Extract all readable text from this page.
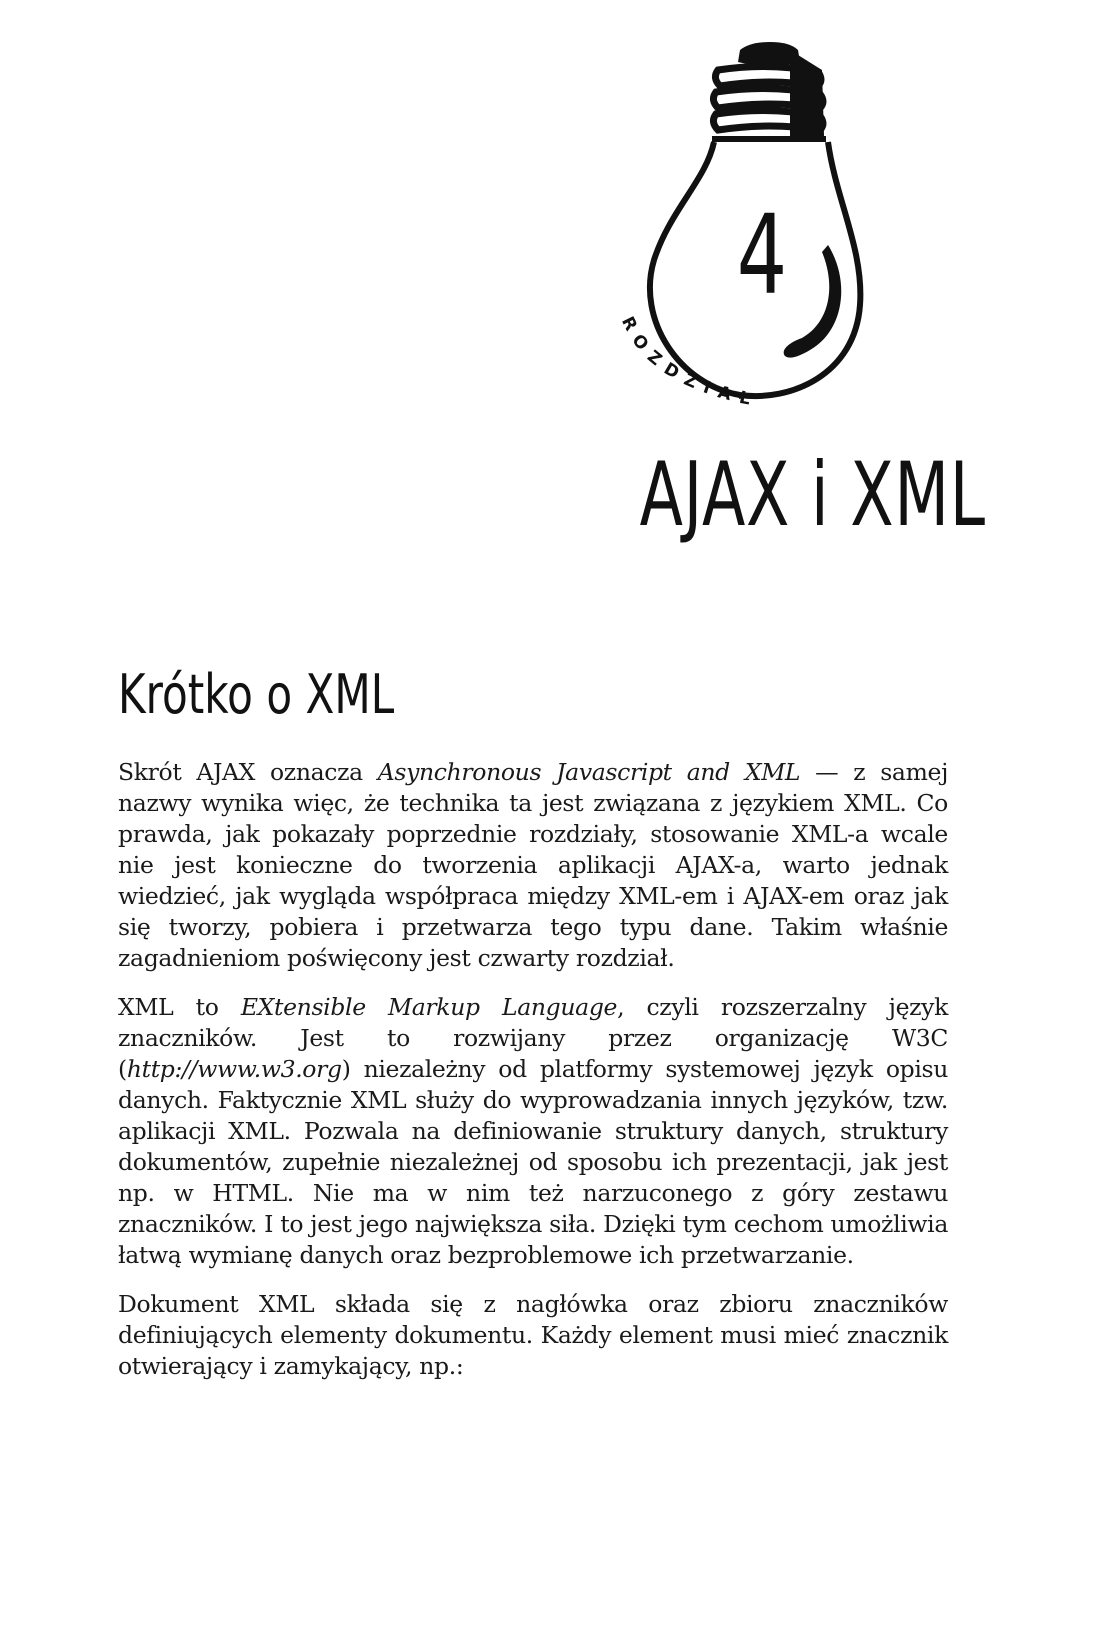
4
ROZDZIAŁ
AJAX i XML
Krótko o XML

Skrót AJAX oznacza Asynchronous Javascript and XML — z samej nazwy wynika więc, że technika ta jest związana z językiem XML. Co prawda, jak pokazały poprzednie rozdziały, stosowanie XML-a wcale nie jest konieczne do tworzenia aplikacji AJAX-a, warto jednak wiedzieć, jak wygląda współpraca między XML-em i AJAX-em oraz jak się tworzy, pobiera i przetwarza tego typu dane. Takim właśnie zagadnieniom poświęcony jest czwarty rozdział.

XML to EXtensible Markup Language, czyli rozszerzalny język znaczników. Jest to rozwijany przez organizację W3C (http://www.w3.org) niezależny od platformy systemowej język opisu danych. Faktycznie XML służy do wyprowadzania innych języków, tzw. aplikacji XML. Pozwala na definiowanie struktury danych, struktury dokumentów, zupełnie niezależnej od sposobu ich prezentacji, jak jest np. w HTML. Nie ma w nim też narzuconego z góry zestawu znaczników. I to jest jego największa siła. Dzięki tym cechom umożliwia łatwą wymianę danych oraz bezproblemowe ich przetwarzanie.

Dokument XML składa się z nagłówka oraz zbioru znaczników definiujących elementy dokumentu. Każdy element musi mieć znacznik otwierający i zamykający, np.:
